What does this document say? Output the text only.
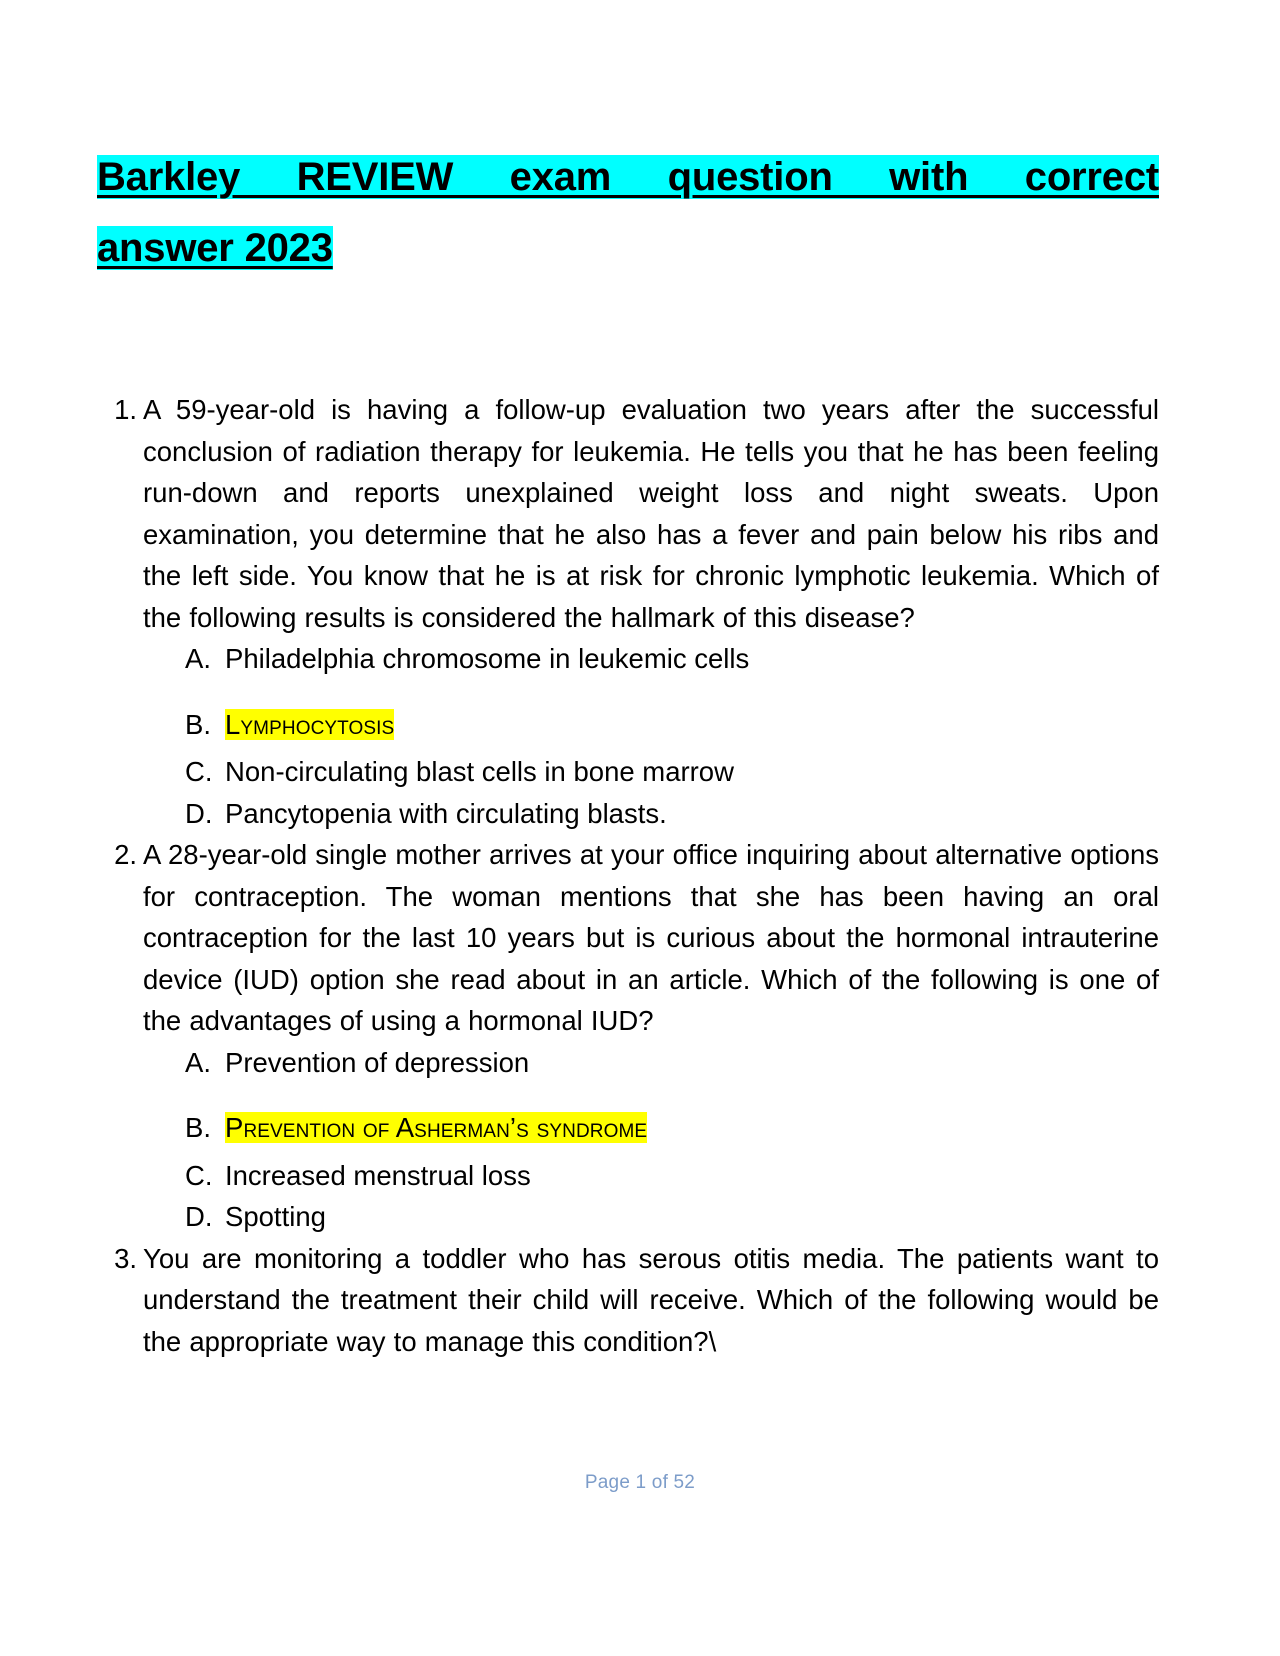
Barkley REVIEW exam question with correct
answer 2023
1. A 59-year-old is having a follow-up evaluation two years after the successful conclusion of radiation therapy for leukemia. He tells you that he has been feeling run-down and reports unexplained weight loss and night sweats. Upon examination, you determine that he also has a fever and pain below his ribs and the left side. You know that he is at risk for chronic lymphotic leukemia. Which of the following results is considered the hallmark of this disease?

A. Philadelphia chromosome in leukemic cells
B. Lymphocytosis
C. Non-circulating blast cells in bone marrow
D. Pancytopenia with circulating blasts.
2. A 28-year-old single mother arrives at your office inquiring about alternative options for contraception. The woman mentions that she has been having an oral contraception for the last 10 years but is curious about the hormonal intrauterine device (IUD) option she read about in an article. Which of the following is one of the advantages of using a hormonal IUD?

A. Prevention of depression
B. Prevention of Asherman’s syndrome
C. Increased menstrual loss
D. Spotting
3. You are monitoring a toddler who has serous otitis media. The patients want to understand the treatment their child will receive. Which of the following would be the appropriate way to manage this condition?\

Page 1 of 52
